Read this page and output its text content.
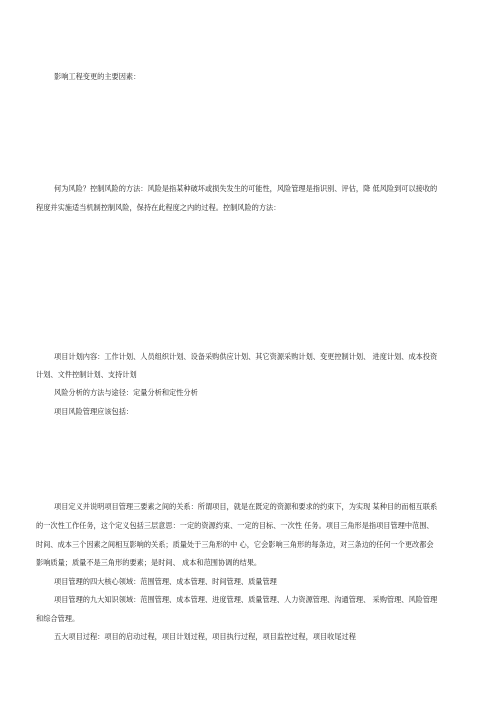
影响工程变更的主要因素：
何为风险？控制风险的方法：风险是指某种破坏或损失发生的可能性，风险管理是指识别、评估，降 低风险到可以接收的
程度并实施适当机制控制风险，保持在此程度之内的过程。控制风险的方法：
项目计划内容：工作计划、人员组织计划、设备采购供应计划、其它资源采购计划、变更控制计划、 进度计划、成本投资
计划、文件控制计划、支持计划
风险分析的方法与途径：定量分析和定性分析
项目风险管理应该包括：
项目定义并说明项目管理三要素之间的关系：所谓项目，就是在既定的资源和要求的约束下，为实现 某种目的而相互联系
的一次性工作任务，这个定义包括三层意思：一定的资源约束、一定的目标、一次性 任务。项目三角形是指项目管理中范围、
时间、成本三个因素之间相互影响的关系；质量处于三角形的中 心，它会影响三角形的每条边，对三条边的任何一个更改都会
影响质量；质量不是三角形的要素；是时间、 成本和范围协调的结果。
项目管理的四大核心领域：范围管理、成本管理、时间管理、质量管理
项目管理的九大知识领域：范围管理、成本管理、进度管理、质量管理、人力资源管理、沟通管理、 采购管理、风险管理
和综合管理。
五大项目过程：项目的启动过程，项目计划过程，项目执行过程，项目监控过程，项目收尾过程
